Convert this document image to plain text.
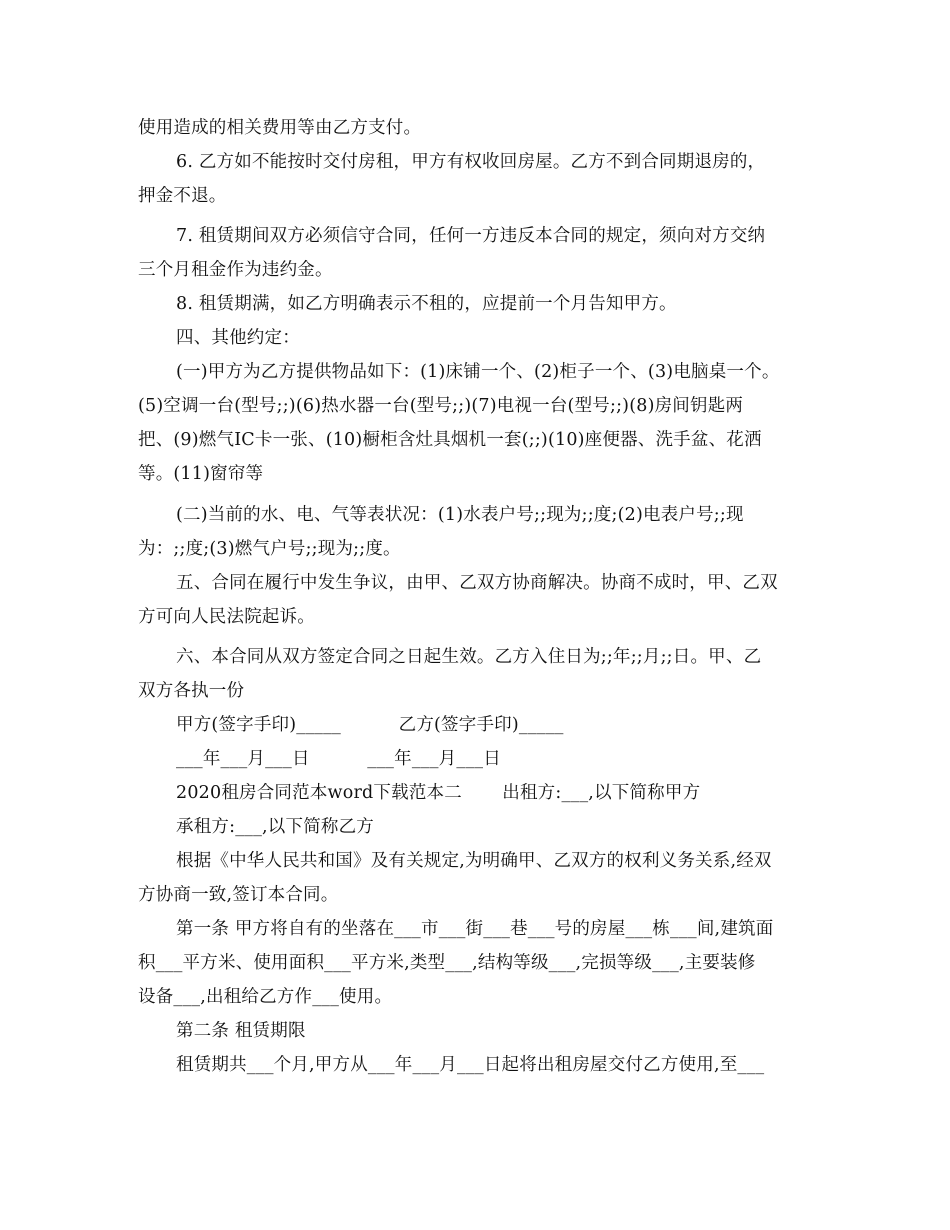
使用造成的相关费用等由乙方支付。
6. 乙方如不能按时交付房租，甲方有权收回房屋。乙方不到合同期退房的，
押金不退。
7. 租赁期间双方必须信守合同，任何一方违反本合同的规定，须向对方交纳
三个月租金作为违约金。
8. 租赁期满，如乙方明确表示不租的，应提前一个月告知甲方。
四、其他约定：
(一)甲方为乙方提供物品如下：(1)床铺一个、(2)柜子一个、(3)电脑桌一个。
(5)空调一台(型号;;)(6)热水器一台(型号;;)(7)电视一台(型号;;)(8)房间钥匙两
把、(9)燃气IC卡一张、(10)橱柜含灶具烟机一套(;;)(10)座便器、洗手盆、花洒
等。(11)窗帘等
(二)当前的水、电、气等表状况：(1)水表户号;;现为;;度;(2)电表户号;;现
为：;;度;(3)燃气户号;;现为;;度。
五、合同在履行中发生争议，由甲、乙双方协商解决。协商不成时，甲、乙双
方可向人民法院起诉。
六、本合同从双方签定合同之日起生效。乙方入住日为;;年;;月;;日。甲、乙
双方各执一份
甲方(签字手印)_____          乙方(签字手印)_____
___年___月___日          ___年___月___日
2020租房合同范本word下载范本二       出租方:___,以下简称甲方
承租方:___,以下简称乙方
根据《中华人民共和国》及有关规定,为明确甲、乙双方的权利义务关系,经双
方协商一致,签订本合同。
第一条 甲方将自有的坐落在___市___街___巷___号的房屋___栋___间,建筑面
积___平方米、使用面积___平方米,类型___,结构等级___,完损等级___,主要装修
设备___,出租给乙方作___使用。
第二条 租赁期限
租赁期共___个月,甲方从___年___月___日起将出租房屋交付乙方使用,至___
